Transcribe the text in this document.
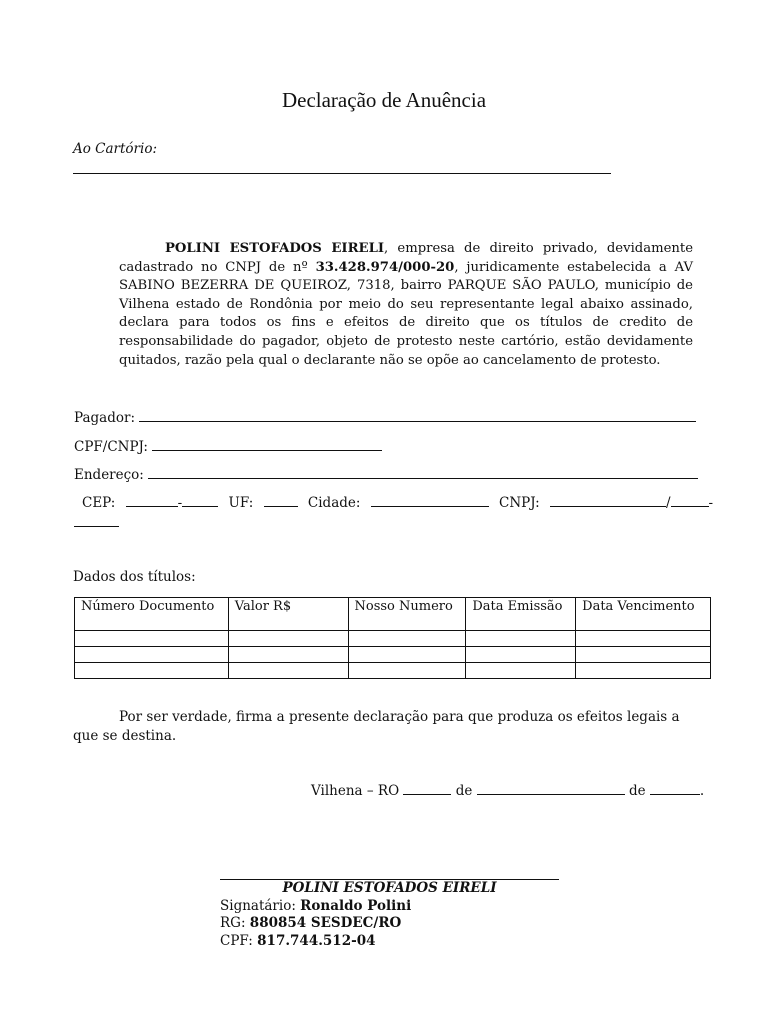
Declaração de Anuência
Ao Cartório:
POLINI ESTOFADOS EIRELI, empresa de direito privado, devidamente cadastrado no CNPJ de nº 33.428.974/000-20, juridicamente estabelecida a AV SABINO BEZERRA DE QUEIROZ, 7318, bairro PARQUE SÃO PAULO, município de Vilhena estado de Rondônia por meio do seu representante legal abaixo assinado, declara para todos os fins e efeitos de direito que os títulos de credito de responsabilidade do pagador, objeto de protesto neste cartório, estão devidamente quitados, razão pela qual o declarante não se opõe ao cancelamento de protesto.
Pagador:
CPF/CNPJ:
Endereço:
CEP:	-	UF:	Cidade:	CNPJ:	/	-
Dados dos títulos:
Número Documento	Valor R$	Nosso Numero	Data Emissão	Data Vencimento

Por ser verdade, firma a presente declaração para que produza os efeitos legais a que se destina.
Vilhena – RO	de	de	.
POLINI ESTOFADOS EIRELI
Signatário: Ronaldo Polini
RG: 880854 SESDEC/RO
CPF: 817.744.512-04
